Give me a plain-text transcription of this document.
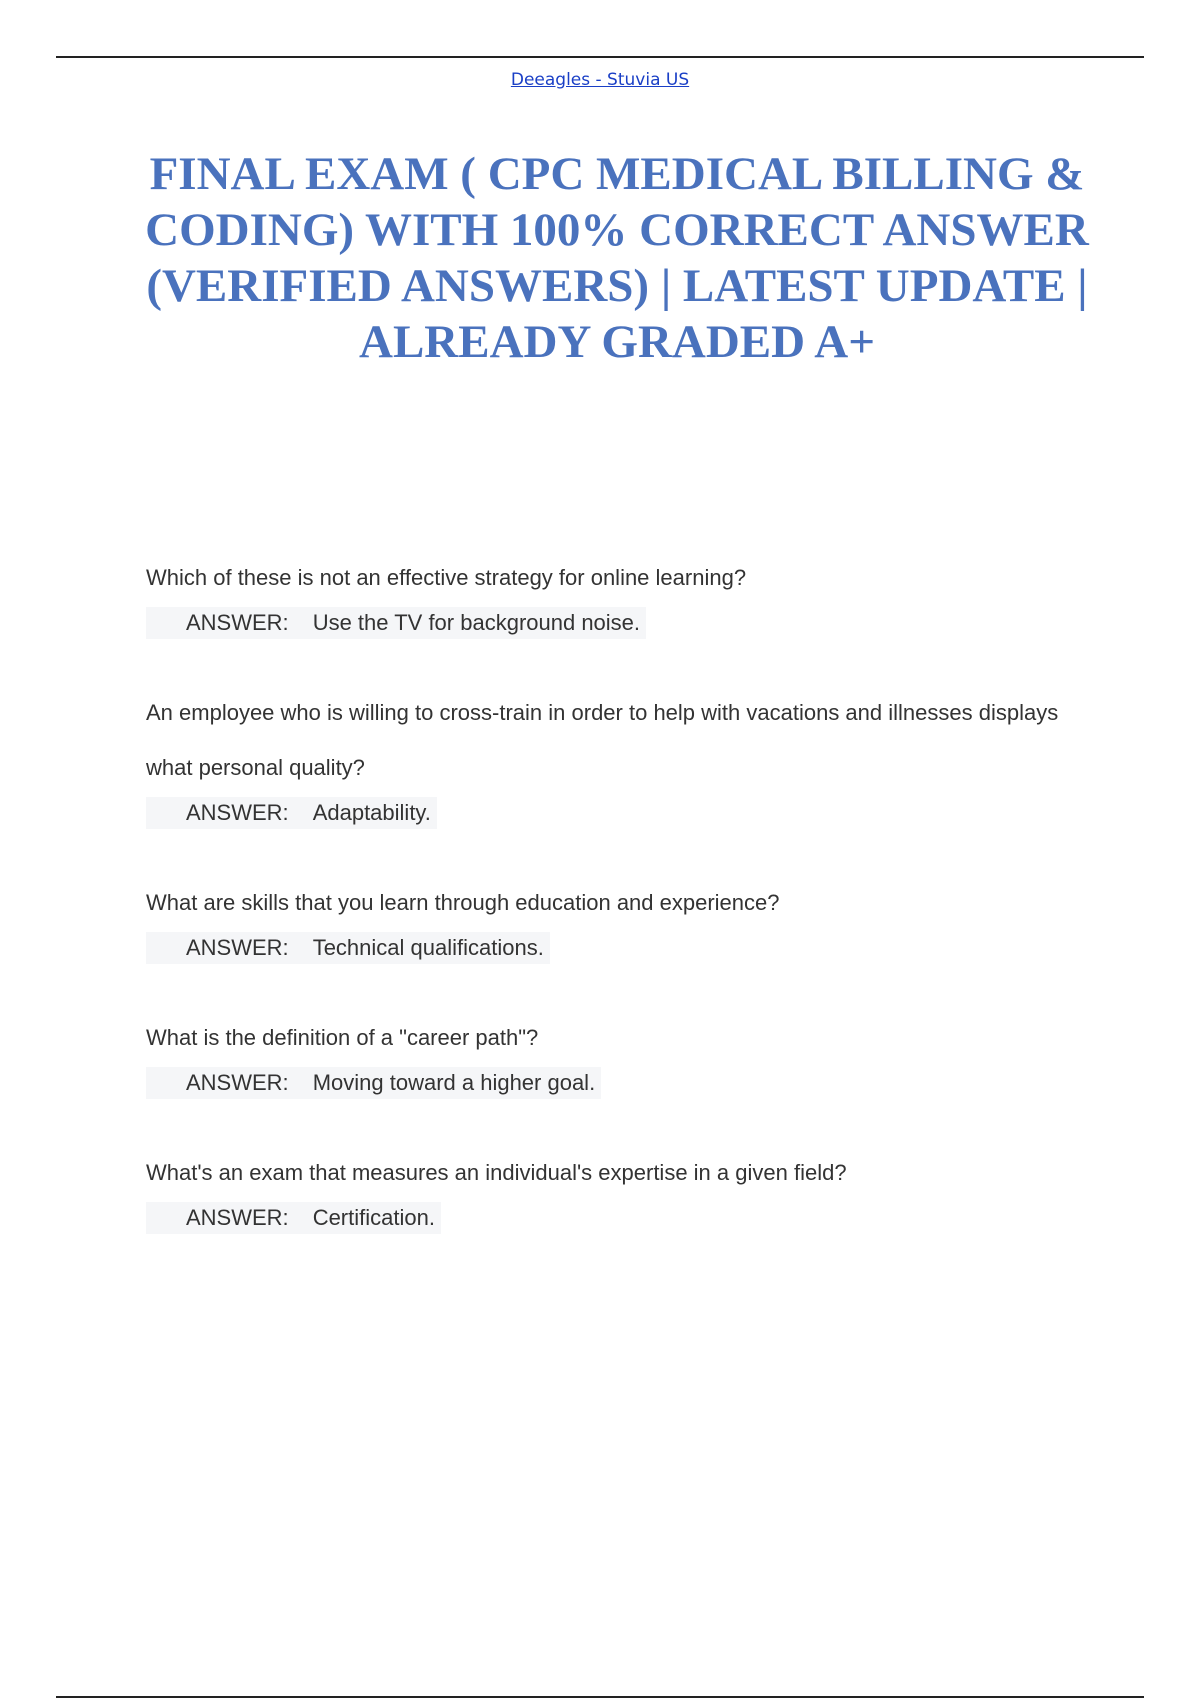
Deeagles - Stuvia US
FINAL EXAM ( CPC MEDICAL BILLING & CODING) WITH 100% CORRECT ANSWER (VERIFIED ANSWERS) | LATEST UPDATE | ALREADY GRADED A+

Which of these is not an effective strategy for online learning?

ANSWER: Use the TV for background noise.

An employee who is willing to cross-train in order to help with vacations and illnesses displays what personal quality?

ANSWER: Adaptability.

What are skills that you learn through education and experience?

ANSWER: Technical qualifications.

What is the definition of a "career path"?

ANSWER: Moving toward a higher goal.

What's an exam that measures an individual's expertise in a given field?

ANSWER: Certification.
